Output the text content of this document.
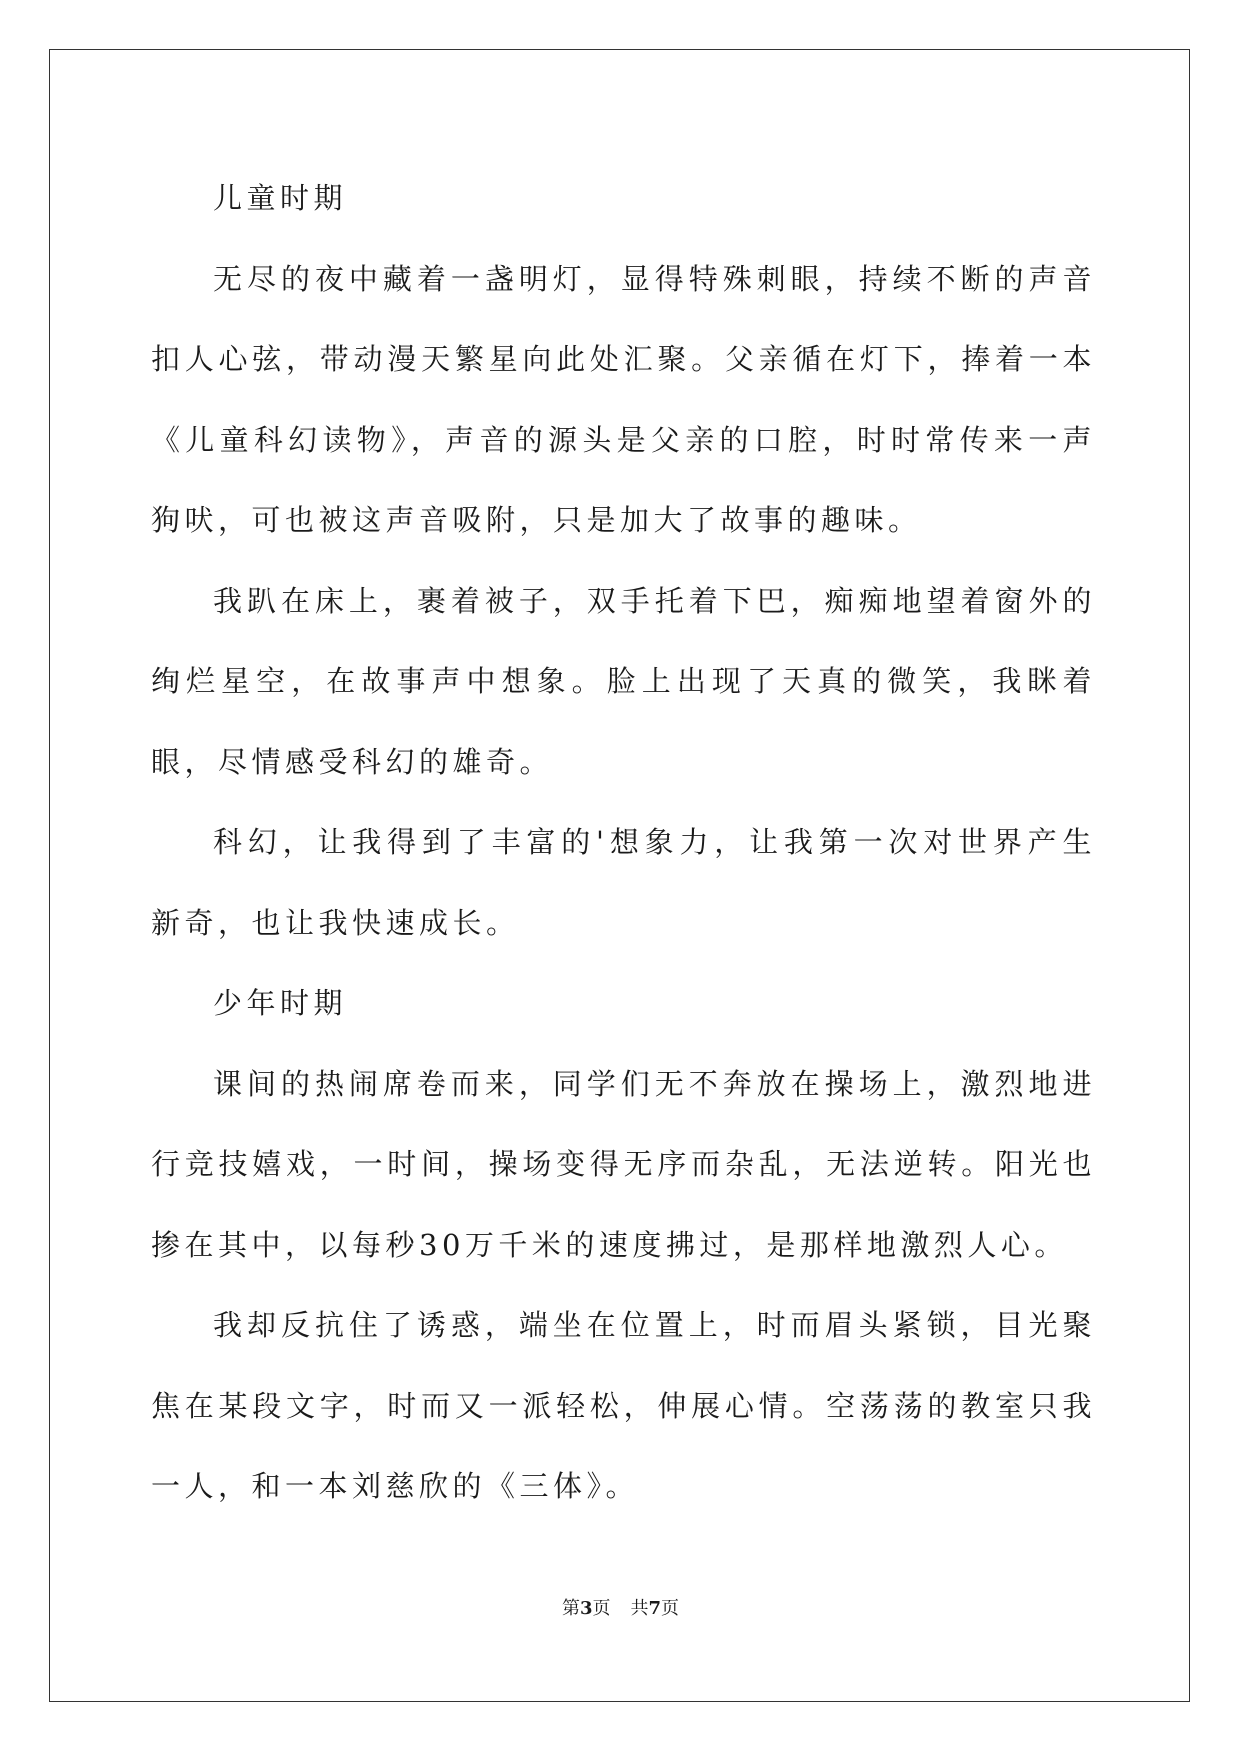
儿童时期

无尽的夜中藏着一盏明灯，显得特殊刺眼，持续不断的声音扣人心弦，带动漫天繁星向此处汇聚。父亲循在灯下，捧着一本《儿童科幻读物》，声音的源头是父亲的口腔，时时常传来一声狗吠，可也被这声音吸附，只是加大了故事的趣味。

我趴在床上，裹着被子，双手托着下巴，痴痴地望着窗外的绚烂星空，在故事声中想象。脸上出现了天真的微笑，我眯着眼，尽情感受科幻的雄奇。

科幻，让我得到了丰富的'想象力，让我第一次对世界产生新奇，也让我快速成长。

少年时期

课间的热闹席卷而来，同学们无不奔放在操场上，激烈地进行竞技嬉戏，一时间，操场变得无序而杂乱，无法逆转。阳光也掺在其中，以每秒30万千米的速度拂过，是那样地激烈人心。

我却反抗住了诱惑，端坐在位置上，时而眉头紧锁，目光聚焦在某段文字，时而又一派轻松，伸展心情。空荡荡的教室只我一人，和一本刘慈欣的《三体》。

第3页 共7页
